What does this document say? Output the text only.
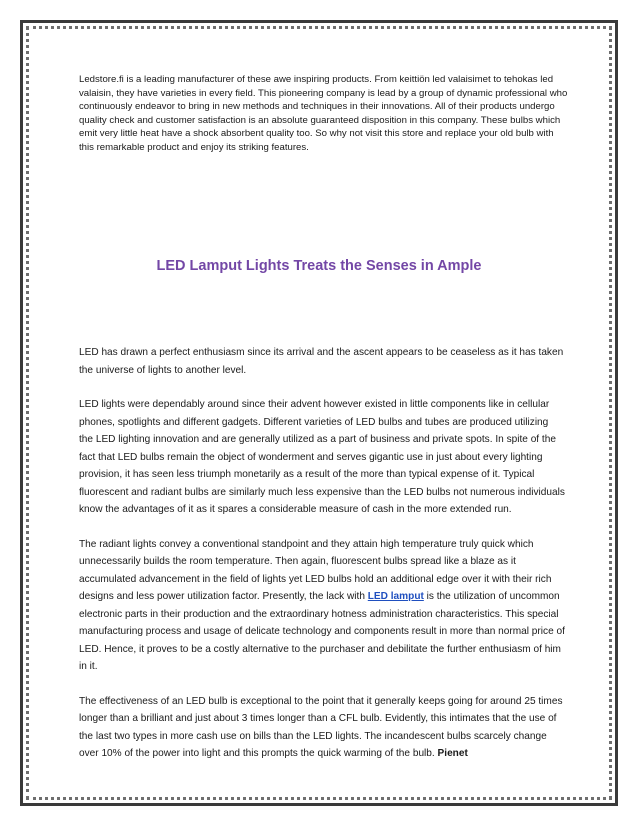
Ledstore.fi is a leading manufacturer of these awe inspiring products. From keittiön led valaisimet to tehokas led valaisin, they have varieties in every field. This pioneering company is lead by a group of dynamic professional who continuously endeavor to bring in new methods and techniques in their innovations. All of their products undergo quality check and customer satisfaction is an absolute guaranteed disposition in this company. These bulbs which emit very little heat have a shock absorbent quality too. So why not visit this store and replace your old bulb with this remarkable product and enjoy its striking features.

LED Lamput Lights Treats the Senses in Ample

LED has drawn a perfect enthusiasm since its arrival and the ascent appears to be ceaseless as it has taken the universe of lights to another level.

LED lights were dependably around since their advent however existed in little components like in cellular phones, spotlights and different gadgets. Different varieties of LED bulbs and tubes are produced utilizing the LED lighting innovation and are generally utilized as a part of business and private spots. In spite of the fact that LED bulbs remain the object of wonderment and serves gigantic use in just about every lighting provision, it has seen less triumph monetarily as a result of the more than typical expense of it. Typical fluorescent and radiant bulbs are similarly much less expensive than the LED bulbs not numerous individuals know the advantages of it as it spares a considerable measure of cash in the more extended run.

The radiant lights convey a conventional standpoint and they attain high temperature truly quick which unnecessarily builds the room temperature. Then again, fluorescent bulbs spread like a blaze as it accumulated advancement in the field of lights yet LED bulbs hold an additional edge over it with their rich designs and less power utilization factor. Presently, the lack with LED lamput is the utilization of uncommon electronic parts in their production and the extraordinary hotness administration characteristics. This special manufacturing process and usage of delicate technology and components result in more than normal price of LED. Hence, it proves to be a costly alternative to the purchaser and debilitate the further enthusiasm of him in it.

The effectiveness of an LED bulb is exceptional to the point that it generally keeps going for around 25 times longer than a brilliant and just about 3 times longer than a CFL bulb. Evidently, this intimates that the use of the last two types in more cash use on bills than the LED lights. The incandescent bulbs scarcely change over 10% of the power into light and this prompts the quick warming of the bulb. Pienet
